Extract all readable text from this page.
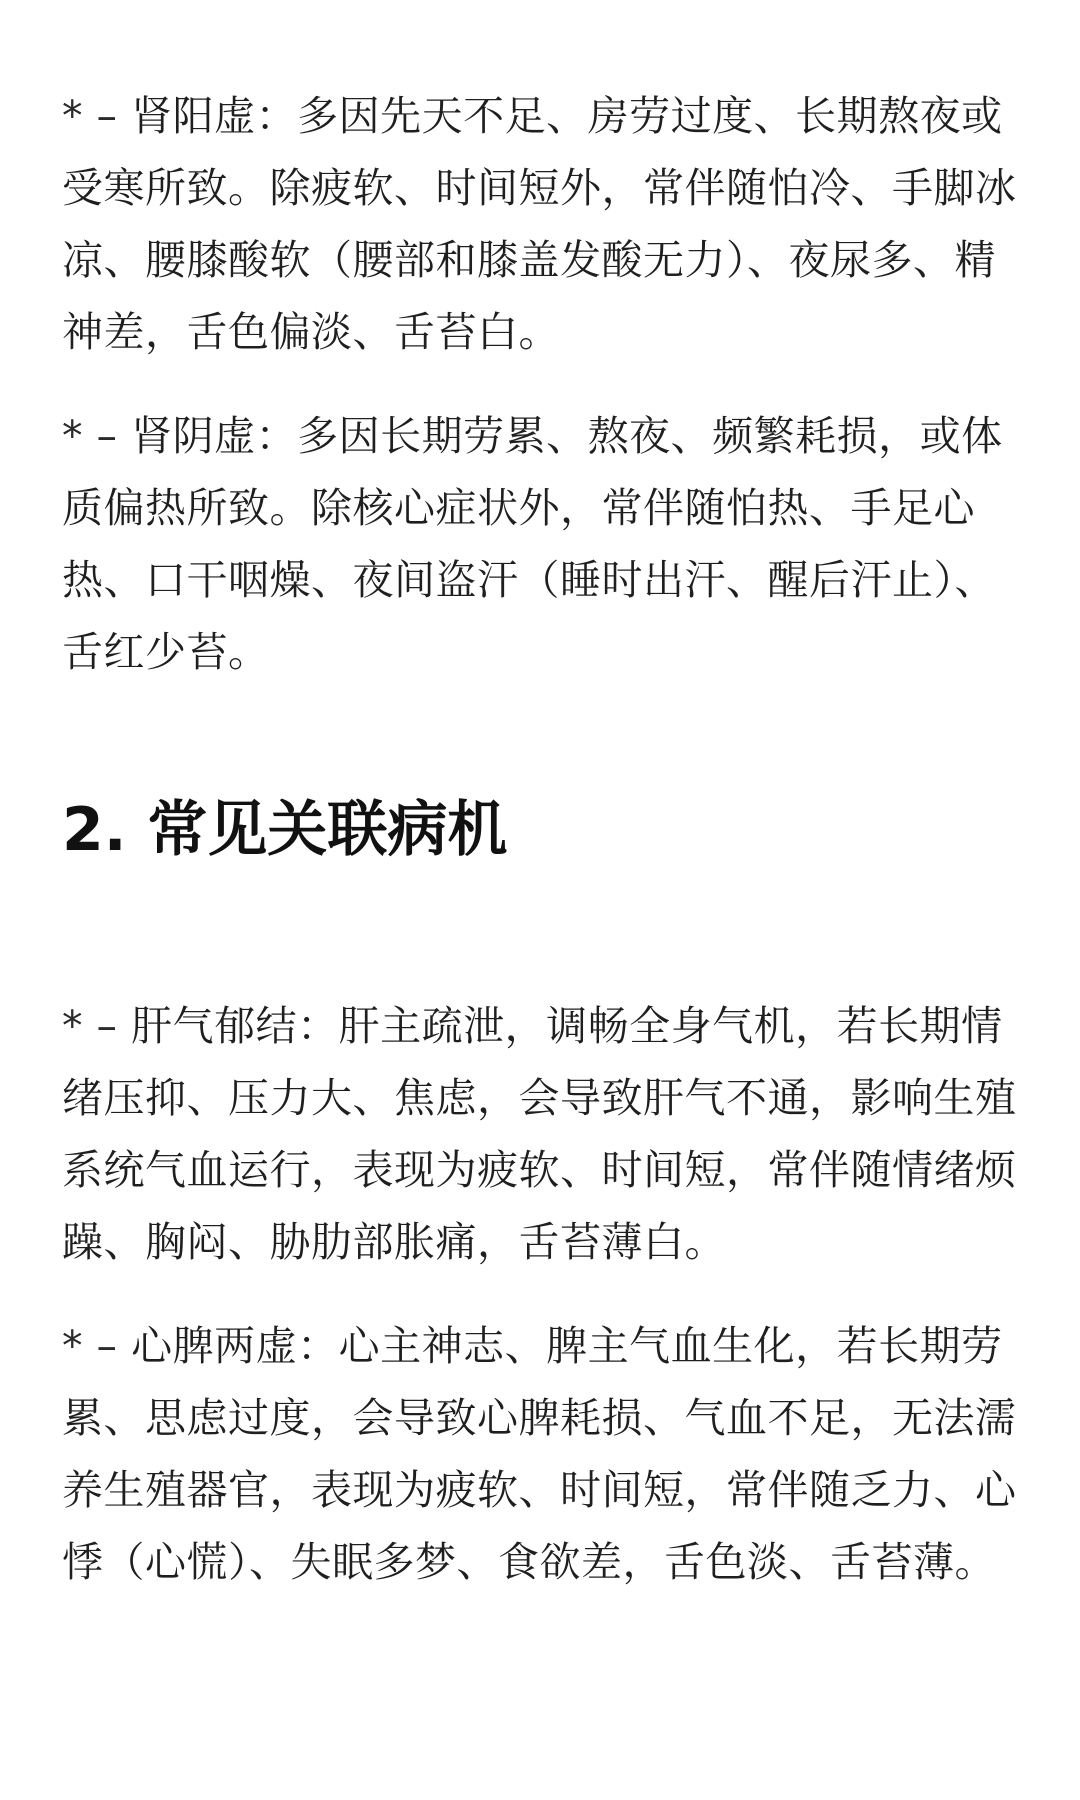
* – 肾阳虚：多因先天不足、房劳过度、长期熬夜或受寒所致。除疲软、时间短外，常伴随怕冷、手脚冰凉、腰膝酸软（腰部和膝盖发酸无力）、夜尿多、精神差，舌色偏淡、舌苔白。
* – 肾阴虚：多因长期劳累、熬夜、频繁耗损，或体质偏热所致。除核心症状外，常伴随怕热、手足心热、口干咽燥、夜间盗汗（睡时出汗、醒后汗止）、舌红少苔。
2. 常见关联病机
* – 肝气郁结：肝主疏泄，调畅全身气机，若长期情绪压抑、压力大、焦虑，会导致肝气不通，影响生殖系统气血运行，表现为疲软、时间短，常伴随情绪烦躁、胸闷、胁肋部胀痛，舌苔薄白。
* – 心脾两虚：心主神志、脾主气血生化，若长期劳累、思虑过度，会导致心脾耗损、气血不足，无法濡养生殖器官，表现为疲软、时间短，常伴随乏力、心悸（心慌）、失眠多梦、食欲差，舌色淡、舌苔薄。
